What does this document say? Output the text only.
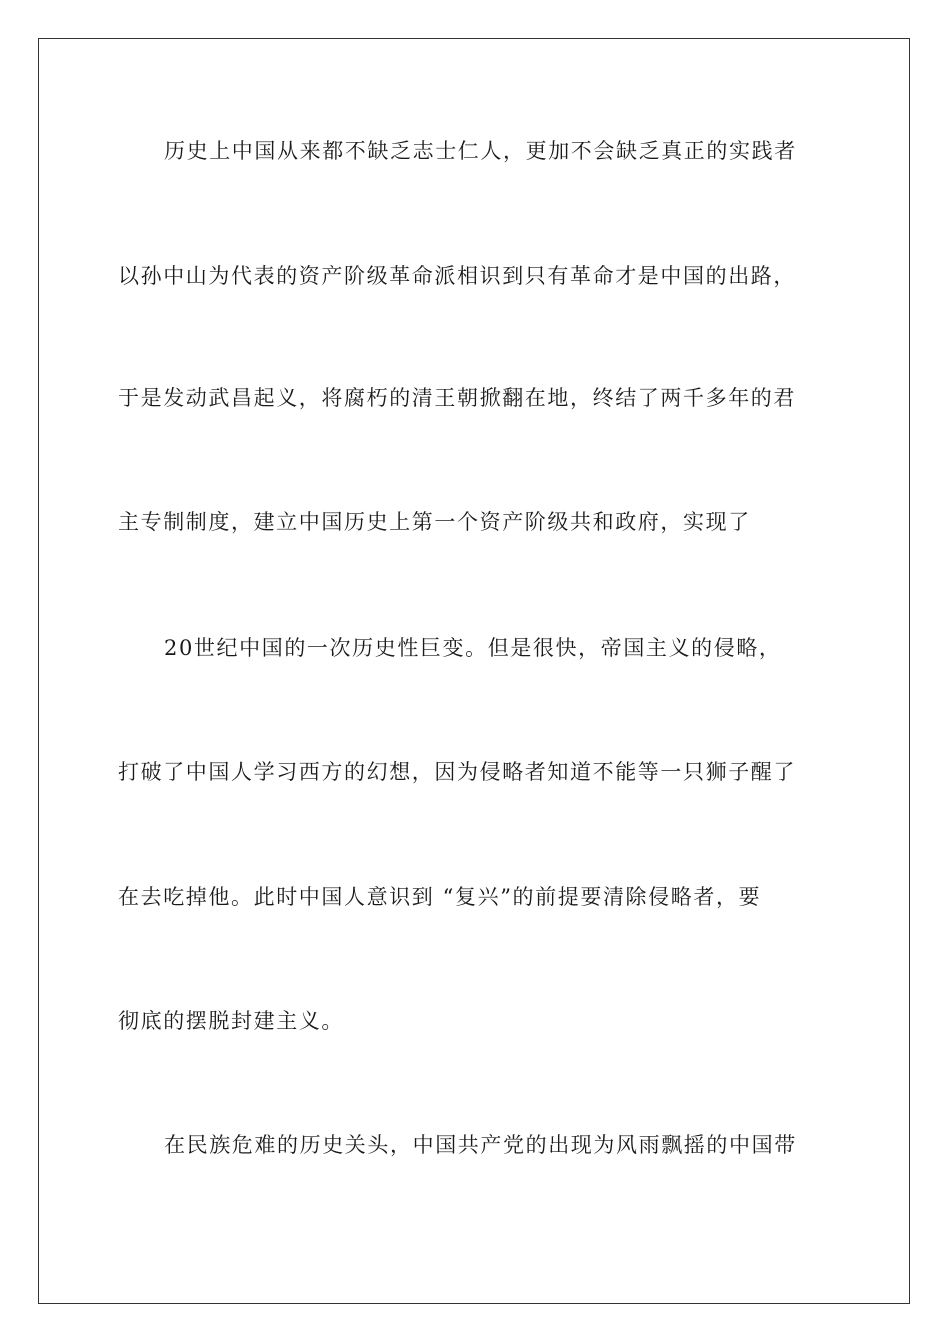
历史上中国从来都不缺乏志士仁人，更加不会缺乏真正的实践者
以孙中山为代表的资产阶级革命派相识到只有革命才是中国的出路，
于是发动武昌起义，将腐朽的清王朝掀翻在地，终结了两千多年的君
主专制制度，建立中国历史上第一个资产阶级共和政府，实现了
20世纪中国的一次历史性巨变。但是很快，帝国主义的侵略，
打破了中国人学习西方的幻想，因为侵略者知道不能等一只狮子醒了
在去吃掉他。此时中国人意识到 “复兴”的前提要清除侵略者，要
彻底的摆脱封建主义。
在民族危难的历史关头，中国共产党的出现为风雨飘摇的中国带
